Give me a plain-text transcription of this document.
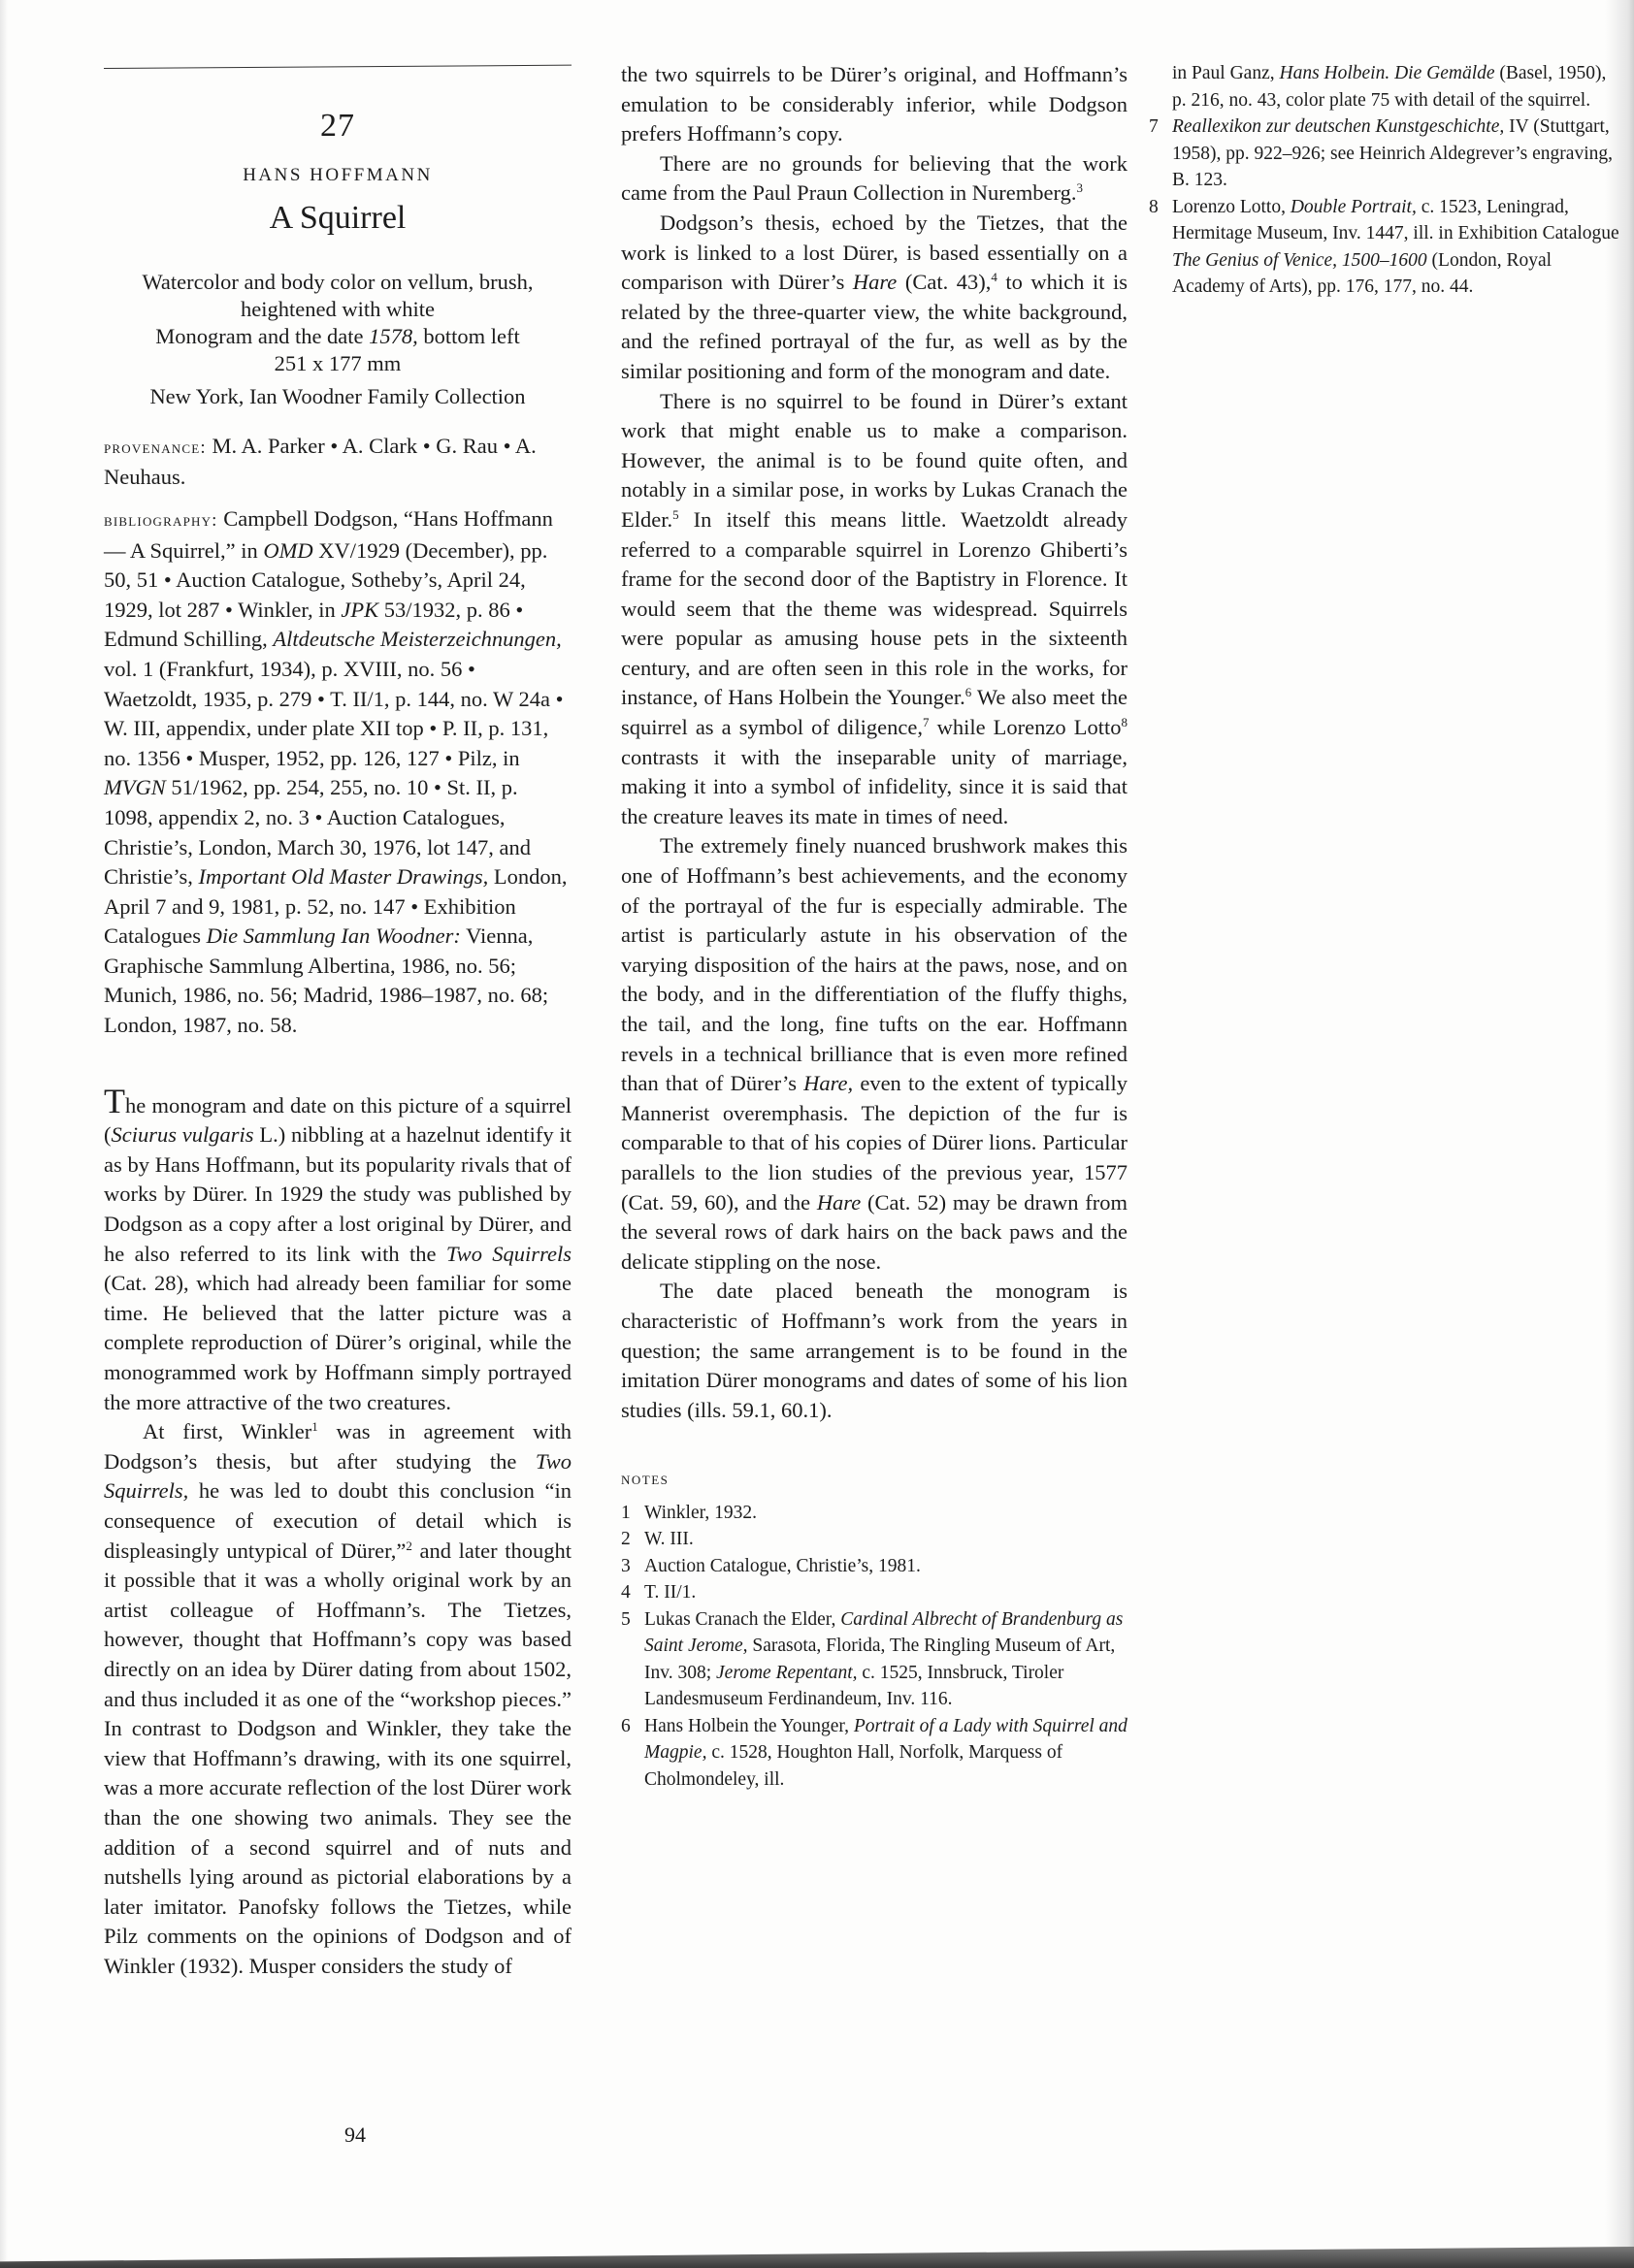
27
HANS HOFFMANN
A Squirrel
Watercolor and body color on vellum, brush,
heightened with white
Monogram and the date 1578, bottom left
251 x 177 mm
New York, Ian Woodner Family Collection

provenance: M. A. Parker • A. Clark • G. Rau • A. Neuhaus.

bibliography: Campbell Dodgson, “Hans Hoffmann — A Squirrel,” in OMD XV/1929 (December), pp. 50, 51 • Auction Catalogue, Sotheby’s, April 24, 1929, lot 287 • Winkler, in JPK 53/1932, p. 86 • Edmund Schilling, Altdeutsche Meisterzeichnungen, vol. 1 (Frankfurt, 1934), p. XVIII, no. 56 • Waetzoldt, 1935, p. 279 • T. II/1, p. 144, no. W 24a • W. III, appendix, under plate XII top • P. II, p. 131, no. 1356 • Musper, 1952, pp. 126, 127 • Pilz, in MVGN 51/1962, pp. 254, 255, no. 10 • St. II, p. 1098, appendix 2, no. 3 • Auction Catalogues, Christie’s, London, March 30, 1976, lot 147, and Christie’s, Important Old Master Drawings, London, April 7 and 9, 1981, p. 52, no. 147 • Exhibition Catalogues Die Sammlung Ian Woodner: Vienna, Graphische Sammlung Albertina, 1986, no. 56; Munich, 1986, no. 56; Madrid, 1986–1987, no. 68; London, 1987, no. 58.

The monogram and date on this picture of a squirrel (Sciurus vulgaris L.) nibbling at a hazelnut identify it as by Hans Hoffmann, but its popularity rivals that of works by Dürer. In 1929 the study was published by Dodgson as a copy after a lost original by Dürer, and he also referred to its link with the Two Squirrels (Cat. 28), which had already been familiar for some time. He believed that the latter picture was a complete reproduction of Dürer’s original, while the monogrammed work by Hoffmann simply portrayed the more attractive of the two creatures.

At first, Winkler$^1$ was in agreement with Dodgson’s thesis, but after studying the Two Squirrels, he was led to doubt this conclusion “in consequence of execution of detail which is displeasingly untypical of Dürer,”$^2$ and later thought it possible that it was a wholly original work by an artist colleague of Hoffmann’s. The Tietzes, however, thought that Hoffmann’s copy was based directly on an idea by Dürer dating from about 1502, and thus included it as one of the “workshop pieces.” In contrast to Dodgson and Winkler, they take the view that Hoffmann’s drawing, with its one squirrel, was a more accurate reflection of the lost Dürer work than the one showing two animals. They see the addition of a second squirrel and of nuts and nutshells lying around as pictorial elaborations by a later imitator. Panofsky follows the Tietzes, while Pilz comments on the opinions of Dodgson and of Winkler (1932). Musper considers the study of

the two squirrels to be Dürer’s original, and Hoffmann’s emulation to be considerably inferior, while Dodgson prefers Hoffmann’s copy.

There are no grounds for believing that the work came from the Paul Praun Collection in Nuremberg.$^3$

Dodgson’s thesis, echoed by the Tietzes, that the work is linked to a lost Dürer, is based essentially on a comparison with Dürer’s Hare (Cat. 43),$^4$ to which it is related by the three-quarter view, the white background, and the refined portrayal of the fur, as well as by the similar positioning and form of the monogram and date.

There is no squirrel to be found in Dürer’s extant work that might enable us to make a comparison. However, the animal is to be found quite often, and notably in a similar pose, in works by Lukas Cranach the Elder.$^5$ In itself this means little. Waetzoldt already referred to a comparable squirrel in Lorenzo Ghiberti’s frame for the second door of the Baptistry in Florence. It would seem that the theme was widespread. Squirrels were popular as amusing house pets in the sixteenth century, and are often seen in this role in the works, for instance, of Hans Holbein the Younger.$^6$ We also meet the squirrel as a symbol of diligence,$^7$ while Lorenzo Lotto$^8$ contrasts it with the inseparable unity of marriage, making it into a symbol of infidelity, since it is said that the creature leaves its mate in times of need.

The extremely finely nuanced brushwork makes this one of Hoffmann’s best achievements, and the economy of the portrayal of the fur is especially admirable. The artist is particularly astute in his observation of the varying disposition of the hairs at the paws, nose, and on the body, and in the differentiation of the fluffy thighs, the tail, and the long, fine tufts on the ear. Hoffmann revels in a technical brilliance that is even more refined than that of Dürer’s Hare, even to the extent of typically Mannerist overemphasis. The depiction of the fur is comparable to that of his copies of Dürer lions. Particular parallels to the lion studies of the previous year, 1577 (Cat. 59, 60), and the Hare (Cat. 52) may be drawn from the several rows of dark hairs on the back paws and the delicate stippling on the nose.

The date placed beneath the monogram is characteristic of Hoffmann’s work from the years in question; the same arrangement is to be found in the imitation Dürer monograms and dates of some of his lion studies (ills. 59.1, 60.1).

notes
1 Winkler, 1932.
2 W. III.
3 Auction Catalogue, Christie’s, 1981.
4 T. II/1.
5 Lukas Cranach the Elder, Cardinal Albrecht of Brandenburg as Saint Jerome, Sarasota, Florida, The Ringling Museum of Art, Inv. 308; Jerome Repentant, c. 1525, Innsbruck, Tiroler Landesmuseum Ferdinandeum, Inv. 116.
6 Hans Holbein the Younger, Portrait of a Lady with Squirrel and Magpie, c. 1528, Houghton Hall, Norfolk, Marquess of Cholmondeley, ill.
in Paul Ganz, Hans Holbein. Die Gemälde (Basel, 1950), p. 216, no. 43, color plate 75 with detail of the squirrel.
7 Reallexikon zur deutschen Kunstgeschichte, IV (Stuttgart, 1958), pp. 922–926; see Heinrich Aldegrever’s engraving, B. 123.
8 Lorenzo Lotto, Double Portrait, c. 1523, Leningrad, Hermitage Museum, Inv. 1447, ill. in Exhibition Catalogue The Genius of Venice, 1500–1600 (London, Royal Academy of Arts), pp. 176, 177, no. 44.
94
